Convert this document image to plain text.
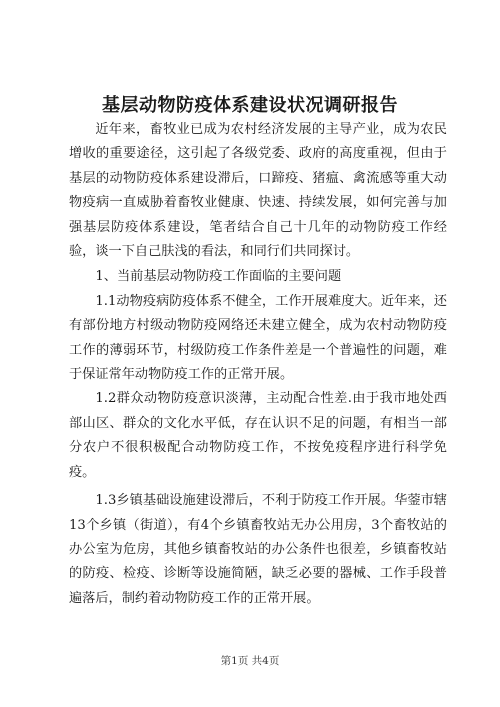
基层动物防疫体系建设状况调研报告

近年来，畜牧业已成为农村经济发展的主导产业，成为农民增收的重要途径，这引起了各级党委、政府的高度重视，但由于基层的动物防疫体系建设滞后，口蹄疫、猪瘟、禽流感等重大动物疫病一直威胁着畜牧业健康、快速、持续发展，如何完善与加强基层防疫体系建设，笔者结合自己十几年的动物防疫工作经验，谈一下自己肤浅的看法，和同行们共同探讨。

1、当前基层动物防疫工作面临的主要问题

1.1动物疫病防疫体系不健全，工作开展难度大。近年来，还有部份地方村级动物防疫网络还未建立健全，成为农村动物防疫工作的薄弱环节，村级防疫工作条件差是一个普遍性的问题，难于保证常年动物防疫工作的正常开展。

1.2群众动物防疫意识淡薄，主动配合性差.由于我市地处西部山区、群众的文化水平低，存在认识不足的问题，有相当一部分农户不很积极配合动物防疫工作，不按免疫程序进行科学免疫。

1.3乡镇基础设施建设滞后，不利于防疫工作开展。华蓥市辖13个乡镇（街道），有4个乡镇畜牧站无办公用房，3个畜牧站的办公室为危房，其他乡镇畜牧站的办公条件也很差，乡镇畜牧站的防疫、检疫、诊断等设施简陋，缺乏必要的器械、工作手段普遍落后，制约着动物防疫工作的正常开展。

第1页 共4页
